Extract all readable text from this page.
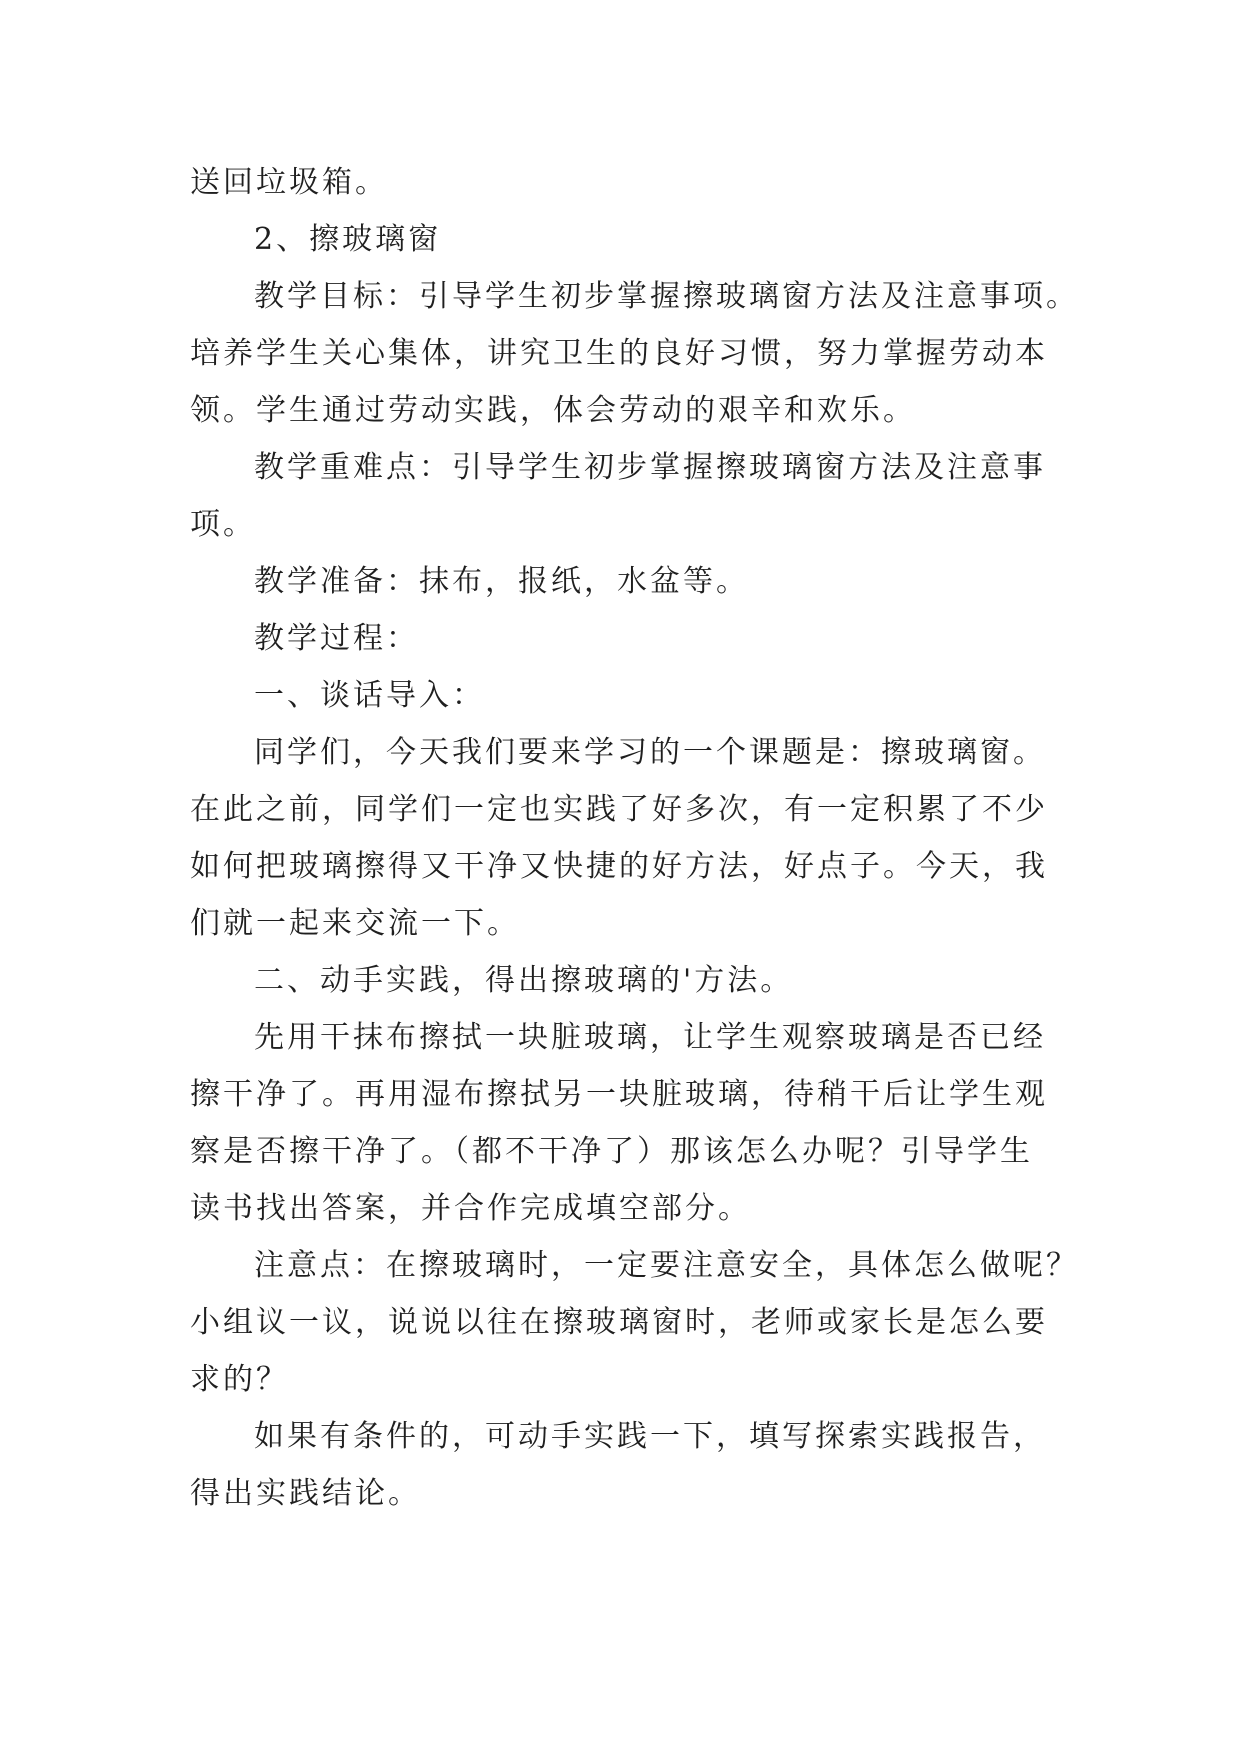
送回垃圾箱。
2、擦玻璃窗
教学目标：引导学生初步掌握擦玻璃窗方法及注意事项。
培养学生关心集体，讲究卫生的良好习惯，努力掌握劳动本
领。学生通过劳动实践，体会劳动的艰辛和欢乐。
教学重难点：引导学生初步掌握擦玻璃窗方法及注意事
项。
教学准备：抹布，报纸，水盆等。
教学过程：
一、谈话导入：
同学们，今天我们要来学习的一个课题是：擦玻璃窗。
在此之前，同学们一定也实践了好多次，有一定积累了不少
如何把玻璃擦得又干净又快捷的好方法，好点子。今天，我
们就一起来交流一下。
二、动手实践，得出擦玻璃的'方法。
先用干抹布擦拭一块脏玻璃，让学生观察玻璃是否已经
擦干净了。再用湿布擦拭另一块脏玻璃，待稍干后让学生观
察是否擦干净了。（都不干净了）那该怎么办呢？引导学生
读书找出答案，并合作完成填空部分。
注意点：在擦玻璃时，一定要注意安全，具体怎么做呢？
小组议一议，说说以往在擦玻璃窗时，老师或家长是怎么要
求的？
如果有条件的，可动手实践一下，填写探索实践报告，
得出实践结论。
